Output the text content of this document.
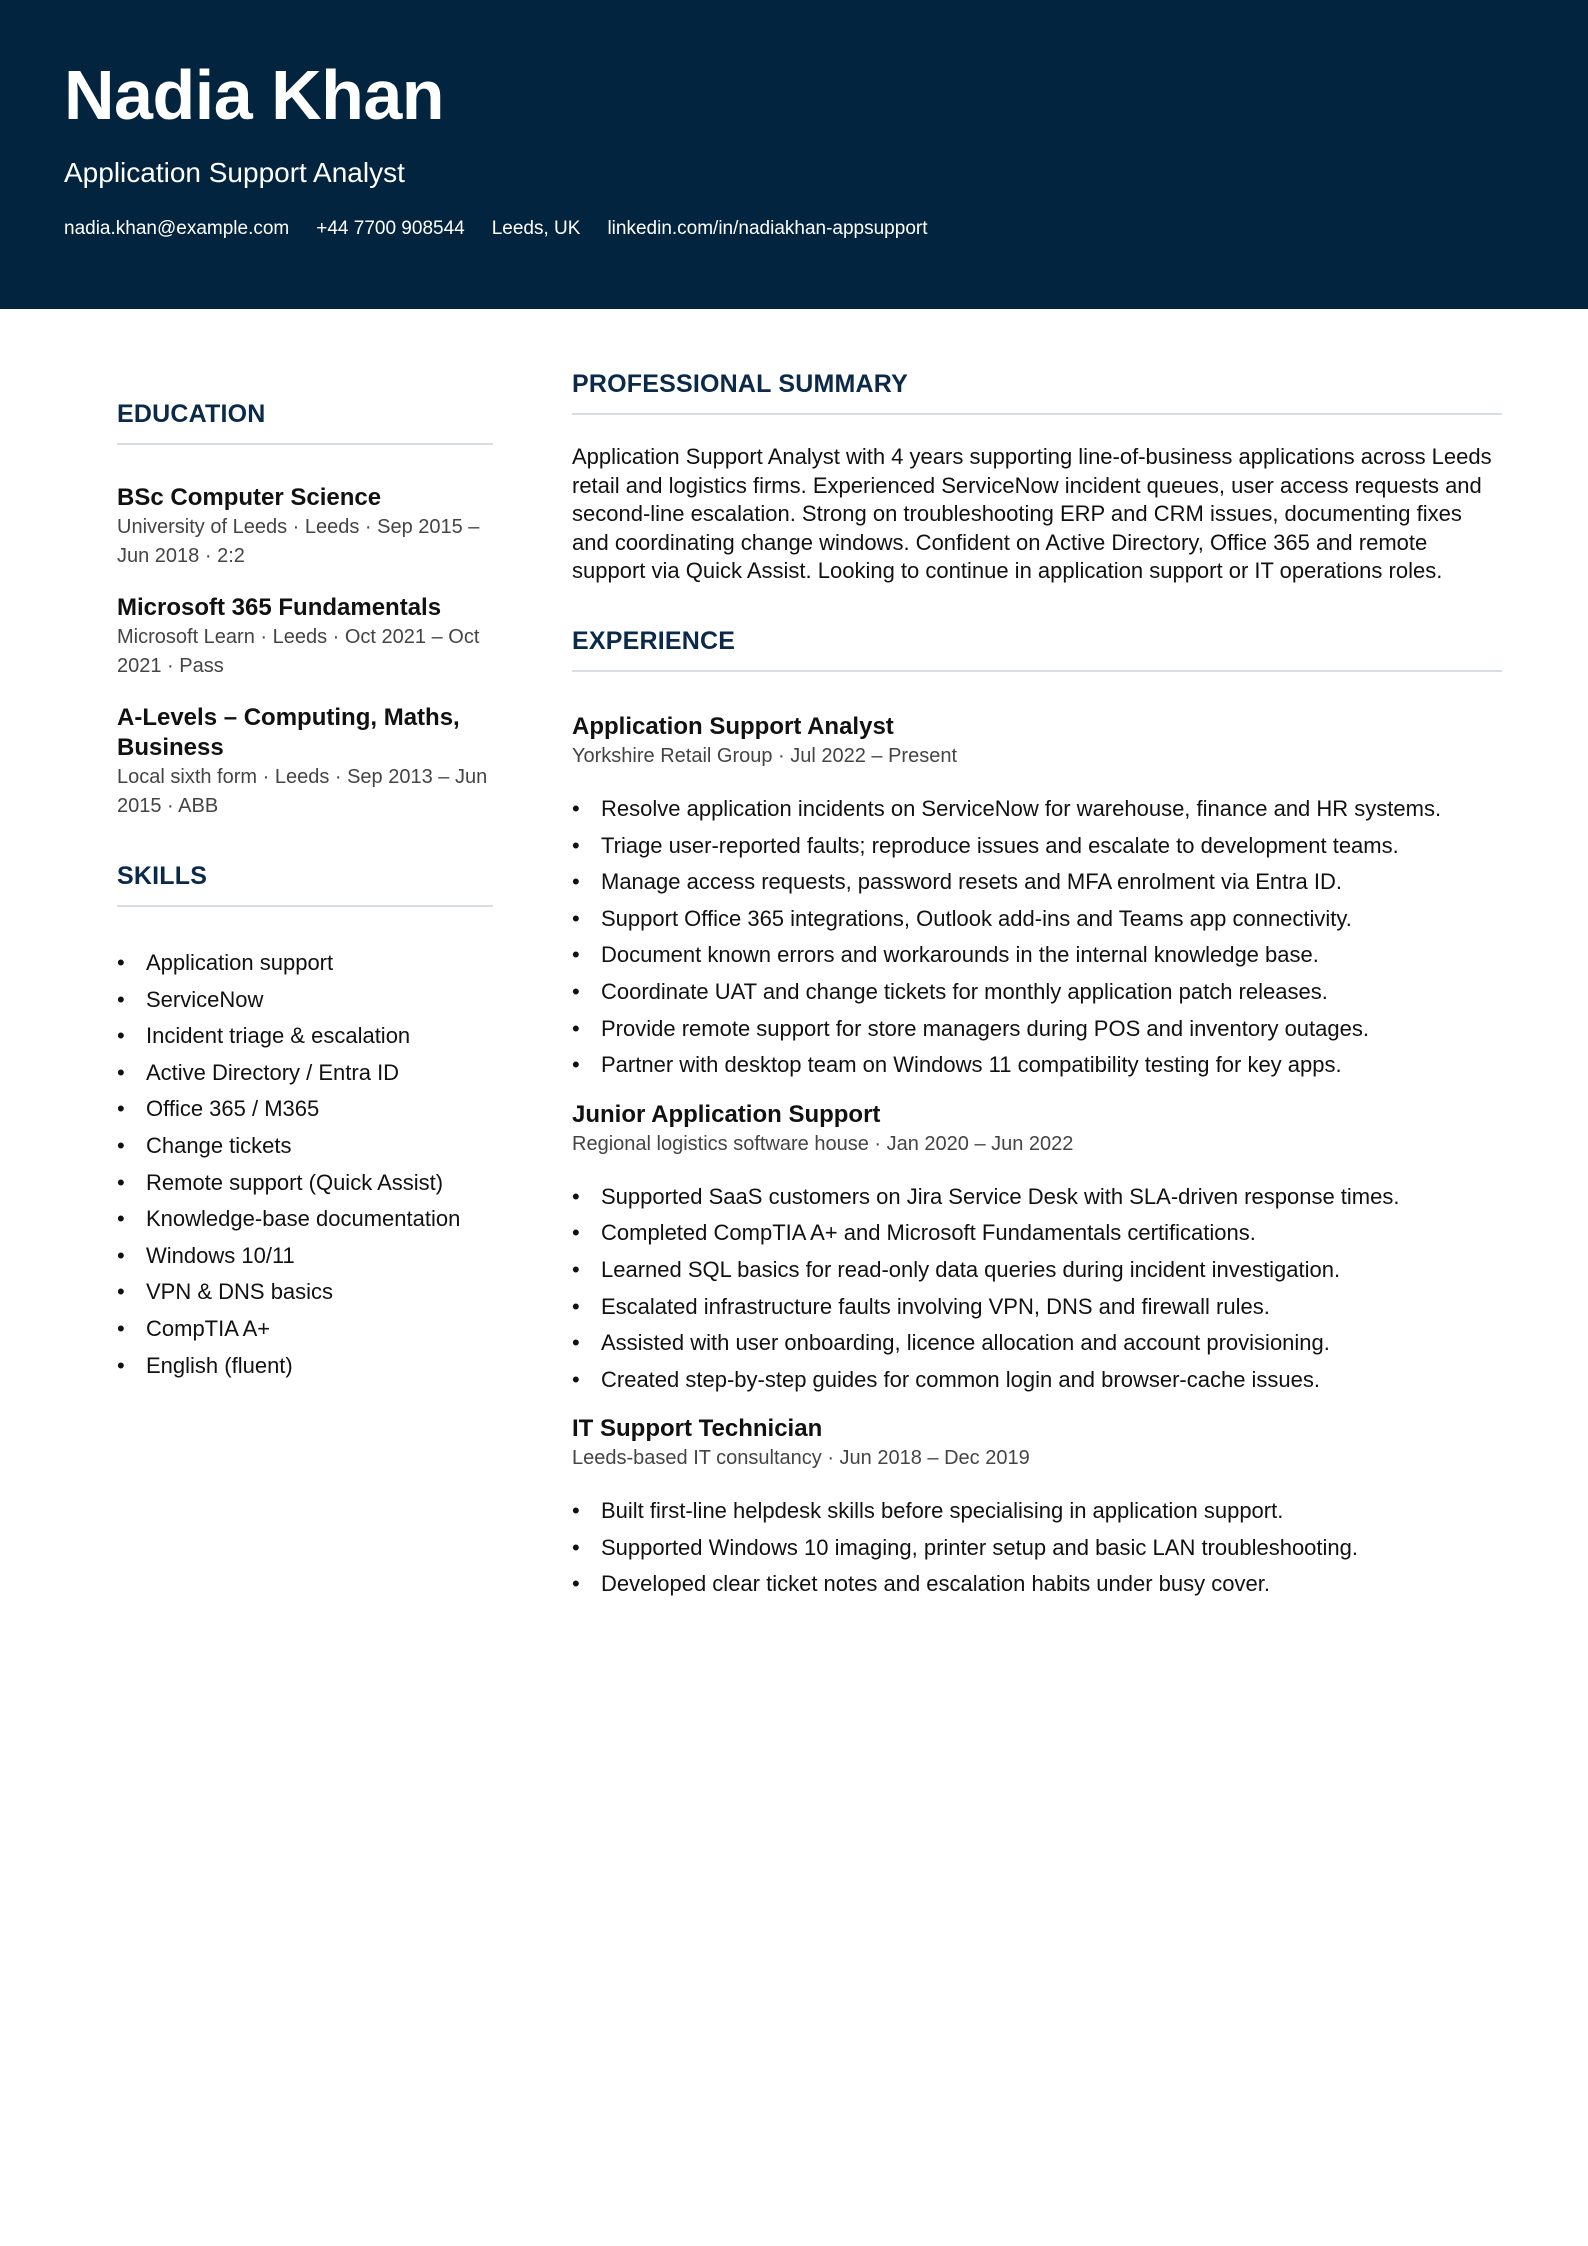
Nadia Khan
Application Support Analyst
nadia.khan@example.com +44 7700 908544 Leeds, UK linkedin.com/in/nadiakhan-appsupport
EDUCATION
BSc Computer Science
University of Leeds · Leeds · Sep 2015 – Jun 2018 · 2:2
Microsoft 365 Fundamentals
Microsoft Learn · Leeds · Oct 2021 – Oct 2021 · Pass
A-Levels – Computing, Maths, Business
Local sixth form · Leeds · Sep 2013 – Jun 2015 · ABB
SKILLS
• Application support
• ServiceNow
• Incident triage & escalation
• Active Directory / Entra ID
• Office 365 / M365
• Change tickets
• Remote support (Quick Assist)
• Knowledge-base documentation
• Windows 10/11
• VPN & DNS basics
• CompTIA A+
• English (fluent)
PROFESSIONAL SUMMARY
Application Support Analyst with 4 years supporting line-of-business applications across Leeds retail and logistics firms. Experienced ServiceNow incident queues, user access requests and second-line escalation. Strong on troubleshooting ERP and CRM issues, documenting fixes and coordinating change windows. Confident on Active Directory, Office 365 and remote support via Quick Assist. Looking to continue in application support or IT operations roles.
EXPERIENCE
Application Support Analyst
Yorkshire Retail Group · Jul 2022 – Present
• Resolve application incidents on ServiceNow for warehouse, finance and HR systems.
• Triage user-reported faults; reproduce issues and escalate to development teams.
• Manage access requests, password resets and MFA enrolment via Entra ID.
• Support Office 365 integrations, Outlook add-ins and Teams app connectivity.
• Document known errors and workarounds in the internal knowledge base.
• Coordinate UAT and change tickets for monthly application patch releases.
• Provide remote support for store managers during POS and inventory outages.
• Partner with desktop team on Windows 11 compatibility testing for key apps.
Junior Application Support
Regional logistics software house · Jan 2020 – Jun 2022
• Supported SaaS customers on Jira Service Desk with SLA-driven response times.
• Completed CompTIA A+ and Microsoft Fundamentals certifications.
• Learned SQL basics for read-only data queries during incident investigation.
• Escalated infrastructure faults involving VPN, DNS and firewall rules.
• Assisted with user onboarding, licence allocation and account provisioning.
• Created step-by-step guides for common login and browser-cache issues.
IT Support Technician
Leeds-based IT consultancy · Jun 2018 – Dec 2019
• Built first-line helpdesk skills before specialising in application support.
• Supported Windows 10 imaging, printer setup and basic LAN troubleshooting.
• Developed clear ticket notes and escalation habits under busy cover.
